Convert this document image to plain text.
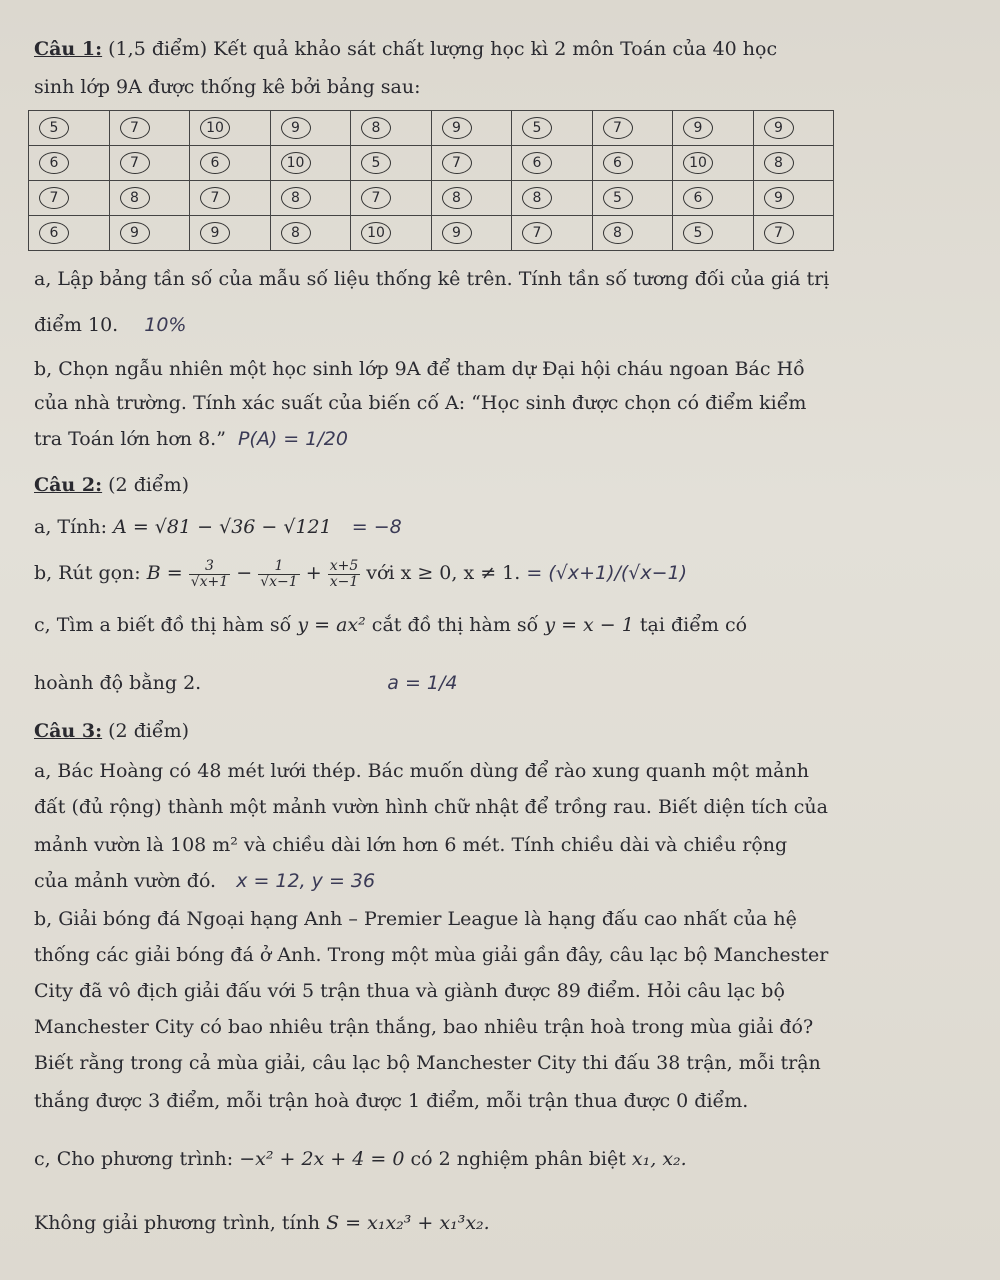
Câu 1: (1,5 điểm) Kết quả khảo sát chất lượng học kì 2 môn Toán của 40 học
sinh lớp 9A được thống kê bởi bảng sau:
5	7	10	9	8	9	5	7	9	9
6	7	6	10	5	7	6	6	10	8
7	8	7	8	7	8	8	5	6	9
6	9	9	8	10	9	7	8	5	7
a, Lập bảng tần số của mẫu số liệu thống kê trên. Tính tần số tương đối của giá trị
điểm 10. 10%
b, Chọn ngẫu nhiên một học sinh lớp 9A để tham dự Đại hội cháu ngoan Bác Hồ
của nhà trường. Tính xác suất của biến cố A: “Học sinh được chọn có điểm kiểm
tra Toán lớn hơn 8.” P(A) = 1/20
Câu 2: (2 điểm)
a, Tính: A = √81 − √36 − √121 = −8
b, Rút gọn: $B = \frac{3}{√x+1} - \frac{1}{√x-1} + \frac{x+5}{x-1}$ với x ≥ 0, x ≠ 1. = (√x+1)/(√x−1)
c, Tìm a biết đồ thị hàm số y = ax² cắt đồ thị hàm số y = x − 1 tại điểm có
hoành độ bằng 2.	a = 1/4
Câu 3: (2 điểm)
a, Bác Hoàng có 48 mét lưới thép. Bác muốn dùng để rào xung quanh một mảnh
đất (đủ rộng) thành một mảnh vườn hình chữ nhật để trồng rau. Biết diện tích của
mảnh vườn là 108 m² và chiều dài lớn hơn 6 mét. Tính chiều dài và chiều rộng
của mảnh vườn đó. x = 12, y = 36
b, Giải bóng đá Ngoại hạng Anh – Premier League là hạng đấu cao nhất của hệ
thống các giải bóng đá ở Anh. Trong một mùa giải gần đây, câu lạc bộ Manchester
City đã vô địch giải đấu với 5 trận thua và giành được 89 điểm. Hỏi câu lạc bộ
Manchester City có bao nhiêu trận thắng, bao nhiêu trận hoà trong mùa giải đó?
Biết rằng trong cả mùa giải, câu lạc bộ Manchester City thi đấu 38 trận, mỗi trận
thắng được 3 điểm, mỗi trận hoà được 1 điểm, mỗi trận thua được 0 điểm.
c, Cho phương trình: −x² + 2x + 4 = 0 có 2 nghiệm phân biệt x₁, x₂.
Không giải phương trình, tính S = x₁x₂³ + x₁³x₂.
